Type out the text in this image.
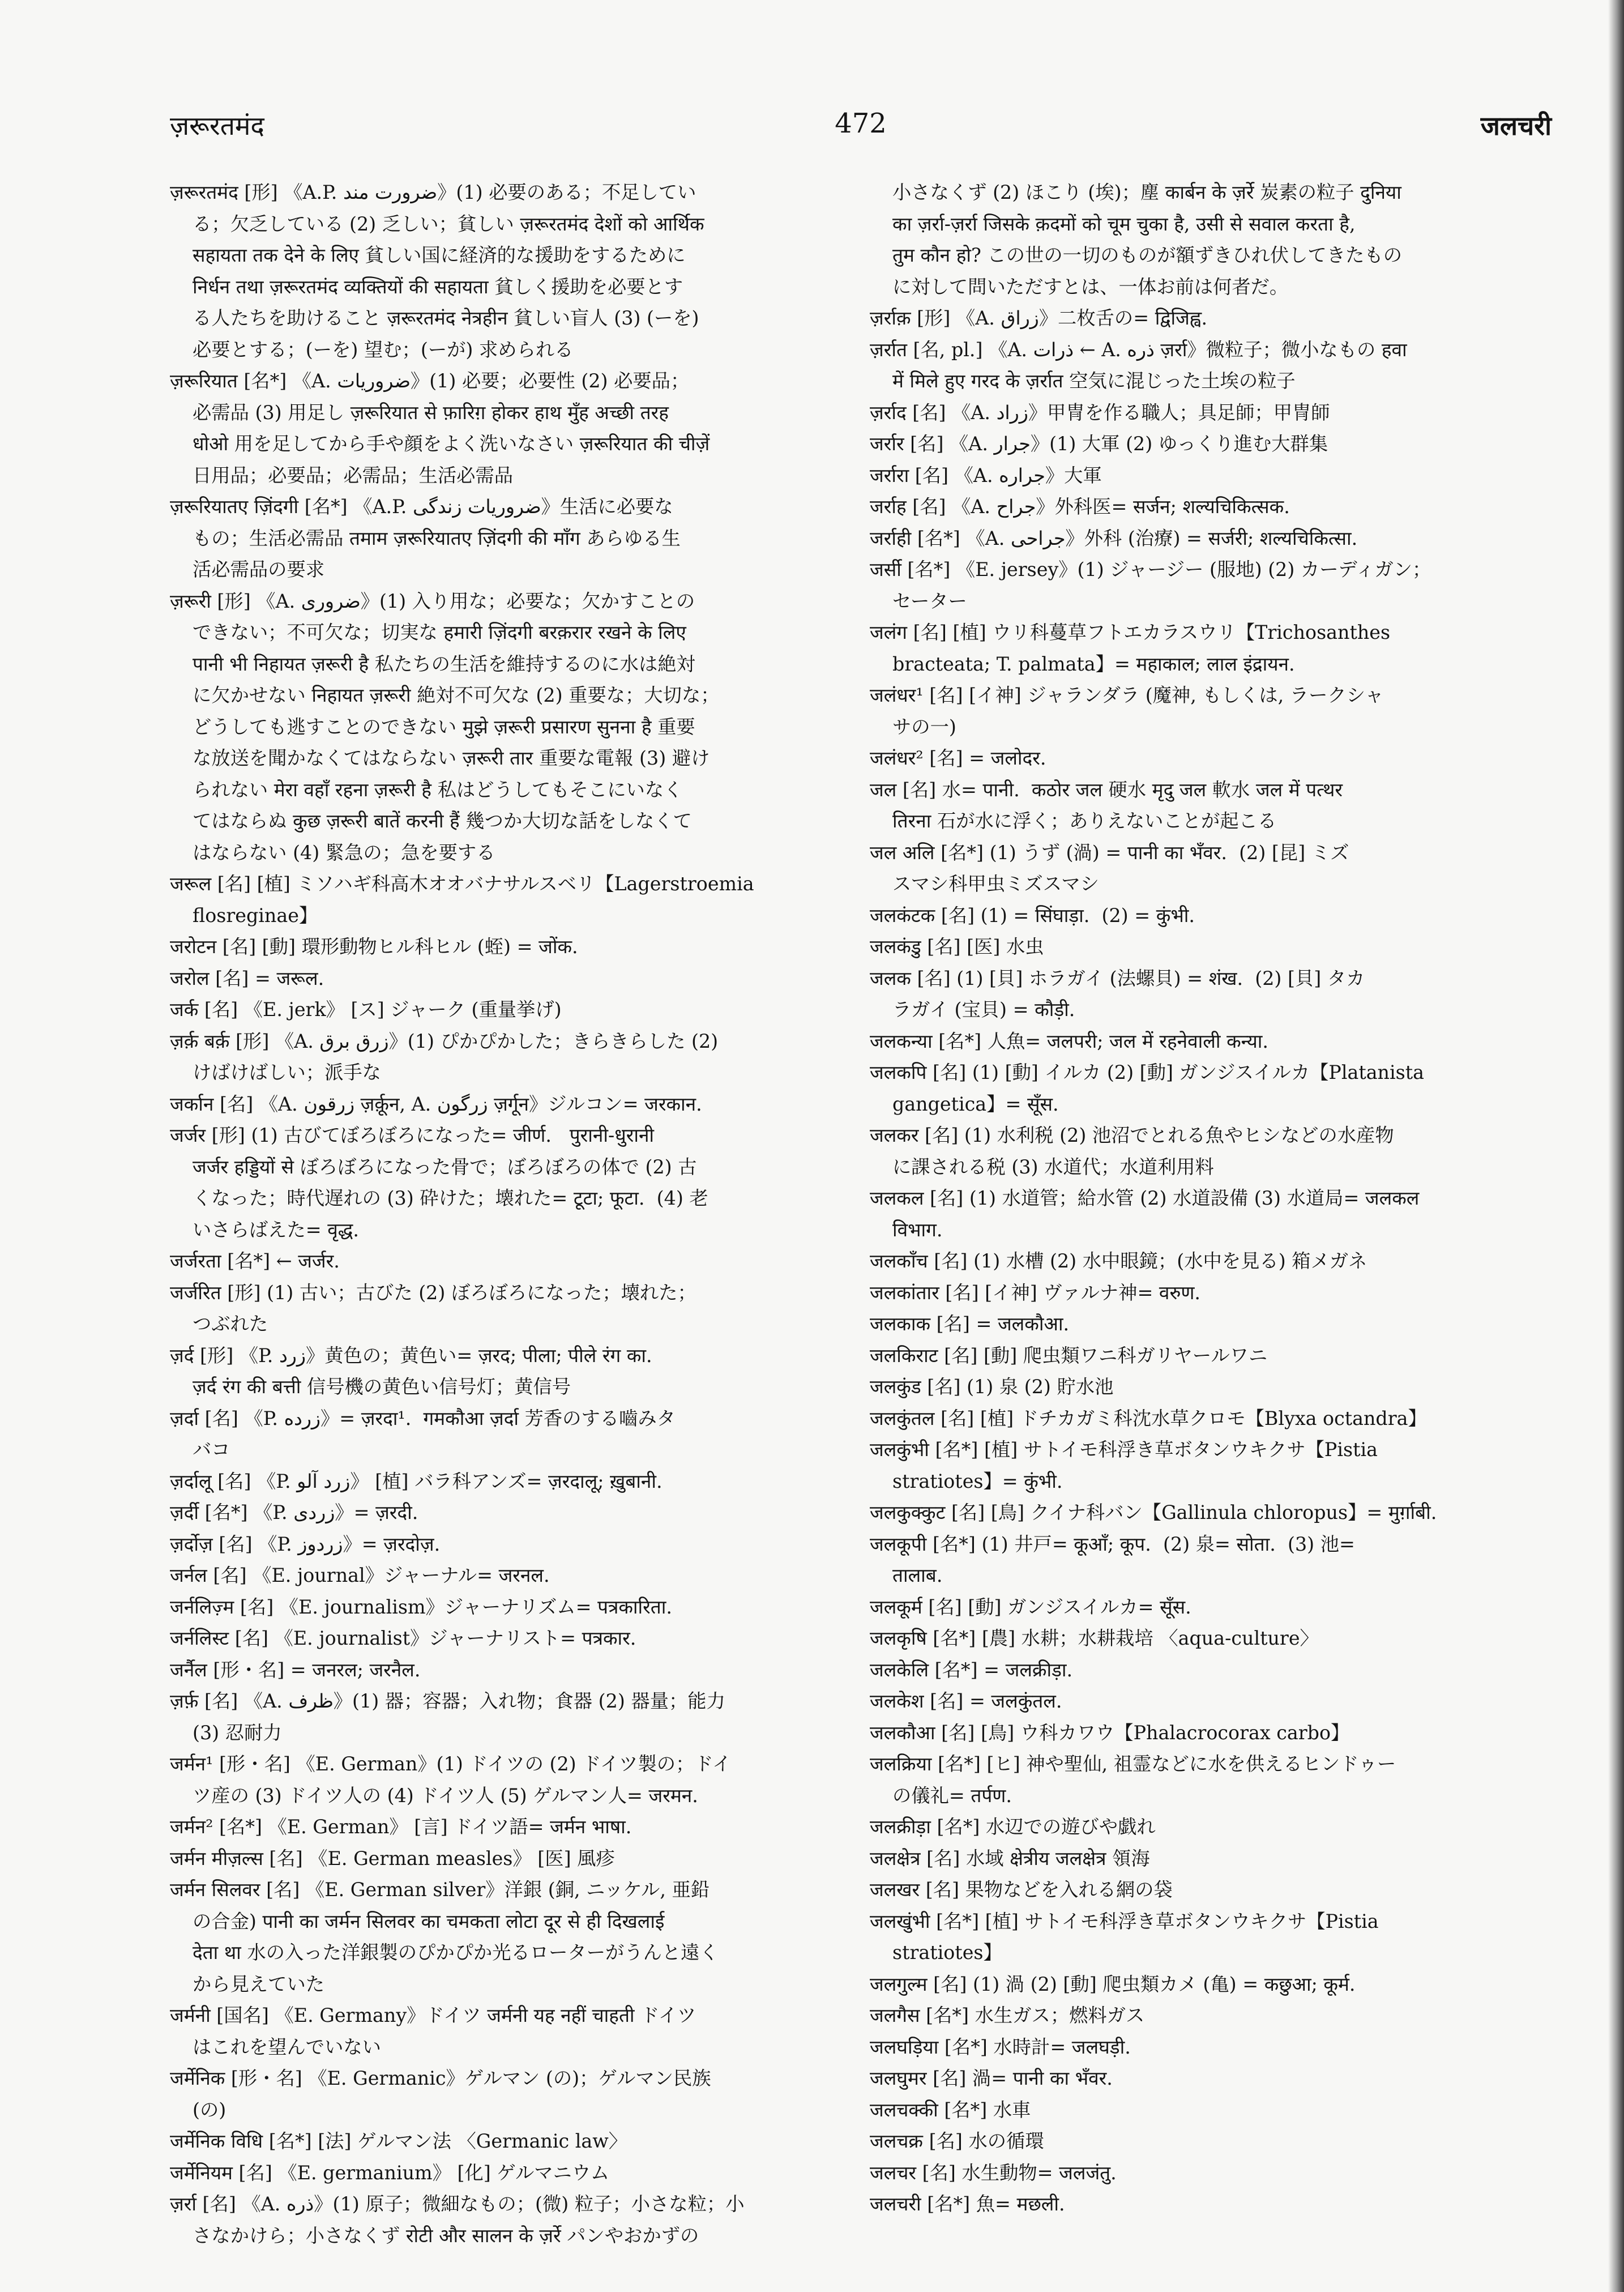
ज़रूरतमंद	472	जलचरी
ज़रूरतमंद [形] 《A.P. ضرورت مند》(1) 必要のある；不足してい
る；欠乏している (2) 乏しい；貧しい ज़रूरतमंद देशों को आर्थिक
सहायता तक देने के लिए 貧しい国に経済的な援助をするために
निर्धन तथा ज़रूरतमंद व्यक्तियों की सहायता 貧しく援助を必要とす
る人たちを助けること ज़रूरतमंद नेत्रहीन 貧しい盲人 (3) (ーを)
必要とする；(ーを) 望む；(ーが) 求められる
ज़रूरियात [名*] 《A. ضروریات》(1) 必要；必要性 (2) 必要品；
必需品 (3) 用足し ज़रूरियात से फ़ारिग़ होकर हाथ मुँह अच्छी तरह
धोओ 用を足してから手や顔をよく洗いなさい ज़रूरियात की चीज़ें
日用品；必要品；必需品；生活必需品
ज़रूरियातए ज़िंदगी [名*] 《A.P. ضروریات زندگی》生活に必要な
もの；生活必需品 तमाम ज़रूरियातए ज़िंदगी की माँग あらゆる生
活必需品の要求
ज़रूरी [形] 《A. ضروری》(1) 入り用な；必要な；欠かすことの
できない；不可欠な；切実な हमारी ज़िंदगी बरक़रार रखने के लिए
पानी भी निहायत ज़रूरी है 私たちの生活を維持するのに水は絶対
に欠かせない निहायत ज़रूरी 絶対不可欠な (2) 重要な；大切な；
どうしても逃すことのできない मुझे ज़रूरी प्रसारण सुनना है 重要
な放送を聞かなくてはならない ज़रूरी तार 重要な電報 (3) 避け
られない मेरा वहाँ रहना ज़रूरी है 私はどうしてもそこにいなく
てはならぬ कुछ ज़रूरी बातें करनी हैं 幾つか大切な話をしなくて
はならない (4) 緊急の；急を要する
जरूल [名] [植] ミソハギ科高木オオバナサルスベリ【Lagerstroemia
flosreginae】
जरोटन [名] [動] 環形動物ヒル科ヒル (蛭) = जोंक.
जरोल [名] = जरूल.
जर्क [名] 《E. jerk》 [ス] ジャーク (重量挙げ)
ज़र्क़ बर्क़ [形] 《A. زرق برق》(1) ぴかぴかした；きらきらした (2)
けばけばしい；派手な
जर्कान [名] 《A. زرقون ज़र्क़ून, A. زرگون ज़र्गून》ジルコン= जरकान.
जर्जर [形] (1) 古びてぼろぼろになった= जीर्ण.   पुरानी-धुरानी
जर्जर हड्डियों से ぼろぼろになった骨で；ぼろぼろの体で (2) 古
くなった；時代遅れの (3) 砕けた；壊れた= टूटा; फूटा.  (4) 老
いさらばえた= वृद्ध.
जर्जरता [名*] ← जर्जर.
जर्जरित [形] (1) 古い；古びた (2) ぼろぼろになった；壊れた；
つぶれた
ज़र्द [形] 《P. زرد》黄色の；黄色い= ज़रद; पीला; पीले रंग का.
ज़र्द रंग की बत्ती 信号機の黄色い信号灯；黄信号
ज़र्दा [名] 《P. زرده》= ज़रदा¹.  गमकौआ ज़र्दा 芳香のする嚙みタ
バコ
ज़र्दालू [名] 《P. زرد آلو》 [植] バラ科アンズ= ज़रदालू; ख़ुबानी.
ज़र्दी [名*] 《P. زردی》= ज़रदी.
ज़र्दोज़ [名] 《P. زردوز》= ज़रदोज़.
जर्नल [名] 《E. journal》ジャーナル= जरनल.
जर्नलिज़्म [名] 《E. journalism》ジャーナリズム= पत्रकारिता.
जर्नलिस्ट [名] 《E. journalist》ジャーナリスト= पत्रकार.
जर्नैल [形・名] = जनरल; जरनैल.
ज़र्फ़ [名] 《A. ظرف》(1) 器；容器；入れ物；食器 (2) 器量；能力
(3) 忍耐力
जर्मन¹ [形・名] 《E. German》(1) ドイツの (2) ドイツ製の；ドイ
ツ産の (3) ドイツ人の (4) ドイツ人 (5) ゲルマン人= जरमन.
जर्मन² [名*] 《E. German》 [言] ドイツ語= जर्मन भाषा.
जर्मन मीज़ल्स [名] 《E. German measles》 [医] 風疹
जर्मन सिलवर [名] 《E. German silver》洋銀 (銅, ニッケル, 亜鉛
の合金) पानी का जर्मन सिलवर का चमकता लोटा दूर से ही दिखलाई
देता था 水の入った洋銀製のぴかぴか光るローターがうんと遠く
から見えていた
जर्मनी [国名] 《E. Germany》ドイツ जर्मनी यह नहीं चाहती ドイツ
はこれを望んでいない
जर्मेनिक [形・名] 《E. Germanic》ゲルマン (の)；ゲルマン民族
(の)
जर्मेनिक विधि [名*] [法] ゲルマン法 〈Germanic law〉
जर्मेनियम [名] 《E. germanium》 [化] ゲルマニウム
ज़र्रा [名] 《A. ذره》(1) 原子；微細なもの；(微) 粒子；小さな粒；小
さなかけら；小さなくず रोटी और सालन के ज़र्रे パンやおかずの
小さなくず (2) ほこり (埃)；塵 कार्बन के ज़र्रे 炭素の粒子 दुनिया
का ज़र्रा-ज़र्रा जिसके क़दमों को चूम चुका है, उसी से सवाल करता है,
तुम कौन हो? この世の一切のものが額ずきひれ伏してきたもの
に対して問いただすとは、一体お前は何者だ。
ज़र्राक़ [形] 《A. زراق》二枚舌の= द्विजिह्व.
ज़र्रात [名, pl.] 《A. ذرات ← A. ذره ज़र्रा》微粒子；微小なもの हवा
में मिले हुए गरद के ज़र्रात 空気に混じった土埃の粒子
ज़र्राद [名] 《A. زراد》甲冑を作る職人；具足師；甲冑師
जर्रार [名] 《A. جرار》(1) 大軍 (2) ゆっくり進む大群集
जर्रारा [名] 《A. جراره》大軍
जर्राह [名] 《A. جراح》外科医= सर्जन; शल्यचिकित्सक.
जर्राही [名*] 《A. جراحی》外科 (治療) = सर्जरी; शल्यचिकित्सा.
जर्सी [名*] 《E. jersey》(1) ジャージー (服地) (2) カーディガン；
セーター
जलंग [名] [植] ウリ科蔓草フトエカラスウリ【Trichosanthes
bracteata; T. palmata】= महाकाल; लाल इंद्रायन.
जलंधर¹ [名] [イ神] ジャランダラ (魔神, もしくは, ラークシャ
サの一)
जलंधर² [名] = जलोदर.
जल [名] 水= पानी.  कठोर जल 硬水 मृदु जल 軟水 जल में पत्थर
तिरना 石が水に浮く；ありえないことが起こる
जल अलि [名*] (1) うず (渦) = पानी का भँवर.  (2) [昆] ミズ
スマシ科甲虫ミズスマシ
जलकंटक [名] (1) = सिंघाड़ा.  (2) = कुंभी.
जलकंडु [名] [医] 水虫
जलक [名] (1) [貝] ホラガイ (法螺貝) = शंख.  (2) [貝] タカ
ラガイ (宝貝) = कौड़ी.
जलकन्या [名*] 人魚= जलपरी; जल में रहनेवाली कन्या.
जलकपि [名] (1) [動] イルカ (2) [動] ガンジスイルカ【Platanista
gangetica】= सूँस.
जलकर [名] (1) 水利税 (2) 池沼でとれる魚やヒシなどの水産物
に課される税 (3) 水道代；水道利用料
जलकल [名] (1) 水道管；給水管 (2) 水道設備 (3) 水道局= जलकल
विभाग.
जलकाँच [名] (1) 水槽 (2) 水中眼鏡；(水中を見る) 箱メガネ
जलकांतार [名] [イ神] ヴァルナ神= वरुण.
जलकाक [名] = जलकौआ.
जलकिराट [名] [動] 爬虫類ワニ科ガリヤールワニ
जलकुंड [名] (1) 泉 (2) 貯水池
जलकुंतल [名] [植] ドチカガミ科沈水草クロモ【Blyxa octandra】
जलकुंभी [名*] [植] サトイモ科浮き草ボタンウキクサ【Pistia
stratiotes】= कुंभी.
जलकुक्कुट [名] [鳥] クイナ科バン【Gallinula chloropus】= मुर्ग़ाबी.
जलकूपी [名*] (1) 井戸= कूआँ; कूप.  (2) 泉= सोता.  (3) 池=
तालाब.
जलकूर्म [名] [動] ガンジスイルカ= सूँस.
जलकृषि [名*] [農] 水耕；水耕栽培 〈aqua-culture〉
जलकेलि [名*] = जलक्रीड़ा.
जलकेश [名] = जलकुंतल.
जलकौआ [名] [鳥] ウ科カワウ【Phalacrocorax carbo】
जलक्रिया [名*] [ヒ] 神や聖仙, 祖霊などに水を供えるヒンドゥー
の儀礼= तर्पण.
जलक्रीड़ा [名*] 水辺での遊びや戯れ
जलक्षेत्र [名] 水域 क्षेत्रीय जलक्षेत्र 領海
जलखर [名] 果物などを入れる網の袋
जलखुंभी [名*] [植] サトイモ科浮き草ボタンウキクサ【Pistia
stratiotes】
जलगुल्म [名] (1) 渦 (2) [動] 爬虫類カメ (亀) = कछुआ; कूर्म.
जलगैस [名*] 水生ガス；燃料ガス
जलघड़िया [名*] 水時計= जलघड़ी.
जलघुमर [名] 渦= पानी का भँवर.
जलचक्की [名*] 水車
जलचक्र [名] 水の循環
जलचर [名] 水生動物= जलजंतु.
जलचरी [名*] 魚= मछली.
